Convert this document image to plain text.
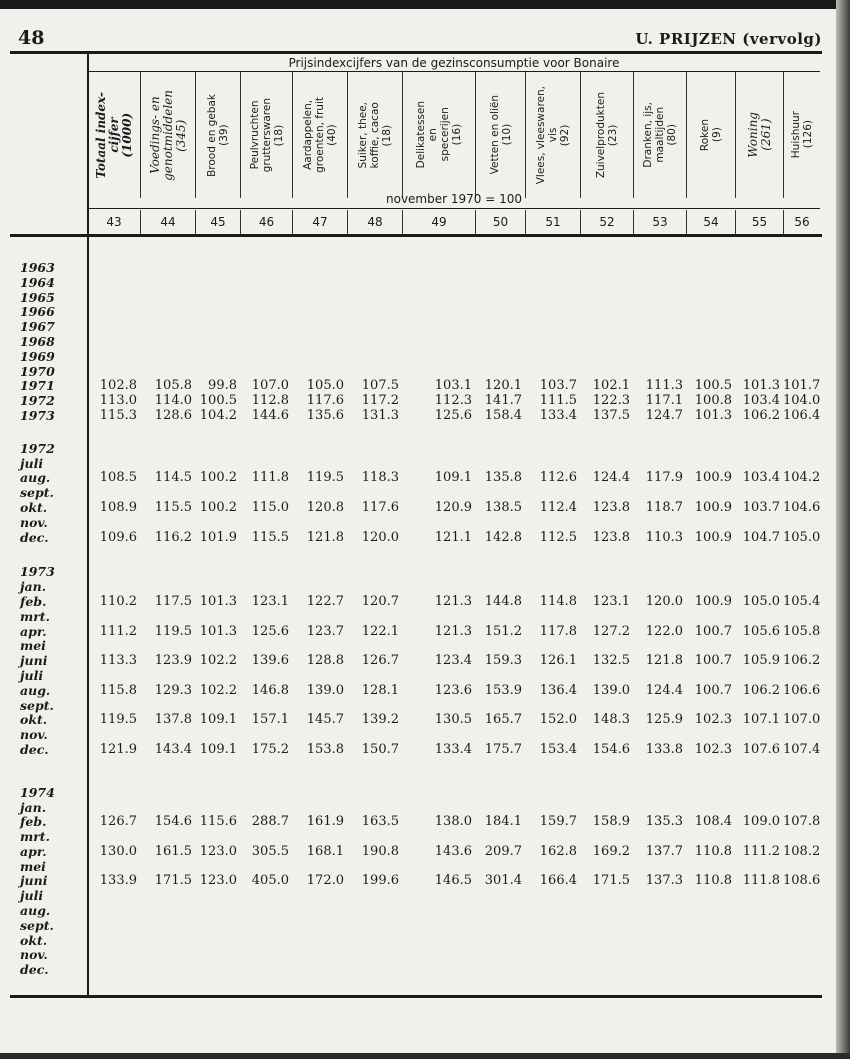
48	U. PRIJZEN (vervolg)
Prijsindexcijfers van de gezinsconsumptie voor Bonaire
Totaal index- cijfer (1000) Voedings- en genotmiddelen (345) Brood en gebak (39) Peulvruchten grutterswaren (18) Aardappelen, groenten, fruit (40) Suiker, thee, koffie, cacao (18) Delikatessen en specerijen (16) Vetten en oliën (10) Vlees, vleeswaren, vis (92) Zuivelprodukten (23) Dranken, ijs, maaltijden (80) Roken (9) Woning (261) Huishuur (126)
november 1970 = 100
43	44	45	46	47	48	49	50	51	52	53	54	55	56
1963
1964
1965
1966
1967
1968
1969
1970
1971	102.8	105.8	99.8	107.0	105.0	107.5	103.1 120.1	103.7	102.1	111.3 100.5 101.3 101.7
1972	113.0	114.0 100.5	112.8	117.6	117.2	112.3 141.7	111.5	122.3	117.1 100.8 103.4 104.0
1973	115.3	128.6 104.2	144.6	135.6	131.3	125.6 158.4	133.4	137.5	124.7 101.3 106.2 106.4
1972
juli
aug.	108.5	114.5 100.2	111.8	119.5	118.3	109.1 135.8	112.6	124.4	117.9 100.9 103.4 104.2
sept.
okt.	108.9	115.5 100.2	115.0	120.8	117.6	120.9 138.5	112.4	123.8	118.7 100.9 103.7 104.6
nov.
dec.	109.6	116.2 101.9	115.5	121.8	120.0	121.1 142.8	112.5	123.8	110.3 100.9 104.7 105.0
1973
jan.
feb.	110.2	117.5 101.3	123.1	122.7	120.7	121.3 144.8	114.8	123.1	120.0 100.9 105.0 105.4
mrt.
apr.	111.2	119.5 101.3	125.6	123.7	122.1	121.3 151.2	117.8	127.2	122.0 100.7 105.6 105.8
mei
juni	113.3	123.9 102.2	139.6	128.8	126.7	123.4 159.3	126.1	132.5	121.8 100.7 105.9 106.2
juli
aug.	115.8	129.3 102.2	146.8	139.0	128.1	123.6 153.9	136.4	139.0	124.4 100.7 106.2 106.6
sept.
okt.	119.5	137.8 109.1	157.1	145.7	139.2	130.5 165.7	152.0	148.3	125.9 102.3 107.1 107.0
nov.
dec.	121.9	143.4 109.1	175.2	153.8	150.7	133.4 175.7	153.4	154.6	133.8 102.3 107.6 107.4
1974
jan.
feb.	126.7	154.6 115.6	288.7	161.9	163.5	138.0 184.1	159.7	158.9	135.3 108.4 109.0 107.8
mrt.
apr.	130.0	161.5 123.0	305.5	168.1	190.8	143.6 209.7	162.8	169.2	137.7 110.8 111.2 108.2
mei
juni	133.9	171.5 123.0	405.0	172.0	199.6	146.5 301.4	166.4	171.5	137.3 110.8 111.8 108.6
juli
aug.
sept.
okt.
nov.
dec.
